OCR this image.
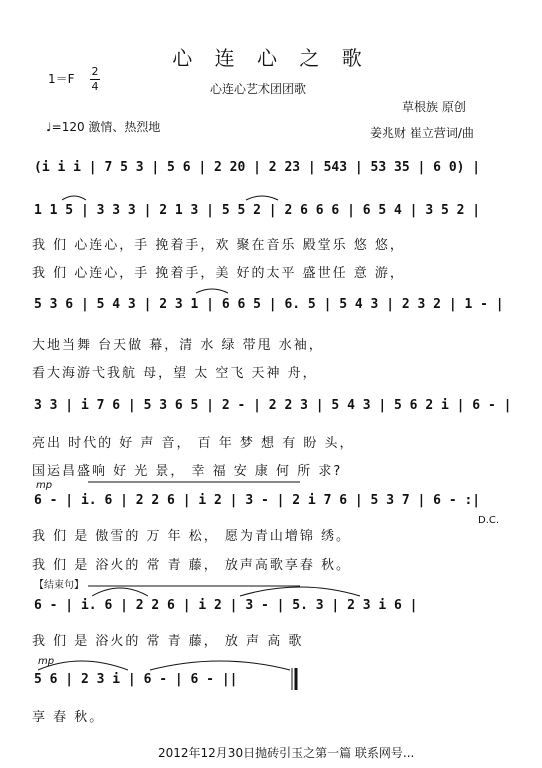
心 连 心 之 歌
1＝F
2
4	心连心艺术团团歌
草根族 原创
♩=120 激情、热烈地	姜兆财 崔立营词/曲
(i i i | 7 5 3 | 5 6 | 2 20 | 2 23 | 543 | 53 35 | 6 0) |
1 1 5 | 3 3 3 | 2 1 3 | 5 5 2 | 2 6 6 6 | 6 5 4 | 3 5 2 |
5 3 6 | 5 4 3 | 2 3 1 | 6 6 5 | 6. 5 | 5 4 3 | 2 3 2 | 1 - |
3 3 | i 7 6 | 5 3 6 5 | 2 - | 2 2 3 | 5 4 3 | 5 6 2 i | 6 - |
6 - | i. 6 | 2 2 6 | i 2 | 3 - | 2 i 7 6 | 5 3 7 | 6 - :|
6 - | i. 6 | 2 2 6 | i 2 | 3 - | 5. 3 | 2 3 i 6 |
5 6 | 2 3 i | 6 - | 6 - ||
我 们 心连心，手 挽着手，欢 聚在音乐 殿堂乐 悠 悠，
我 们 心连心，手 挽着手，美 好的太平 盛世任 意 游，
大地当舞 台天做 幕，清 水 绿 带甩 水袖，
看大海游弋我航 母，望 太 空飞 天神 舟，
亮出 时代的 好 声 音， 百 年 梦 想 有 盼 头，
国运昌盛响 好 光 景， 幸 福 安 康 何 所 求?
我 们 是 傲雪的 万 年 松， 愿为青山增锦 绣。
我 们 是 浴火的 常 青 藤， 放声高歌享春 秋。
我 们 是 浴火的 常 青 藤， 放 声 高 歌
享 春 秋。
【结束句】
D.C.
mp
mp
2012年12月30日抛砖引玉之第一篇 联系网号...
